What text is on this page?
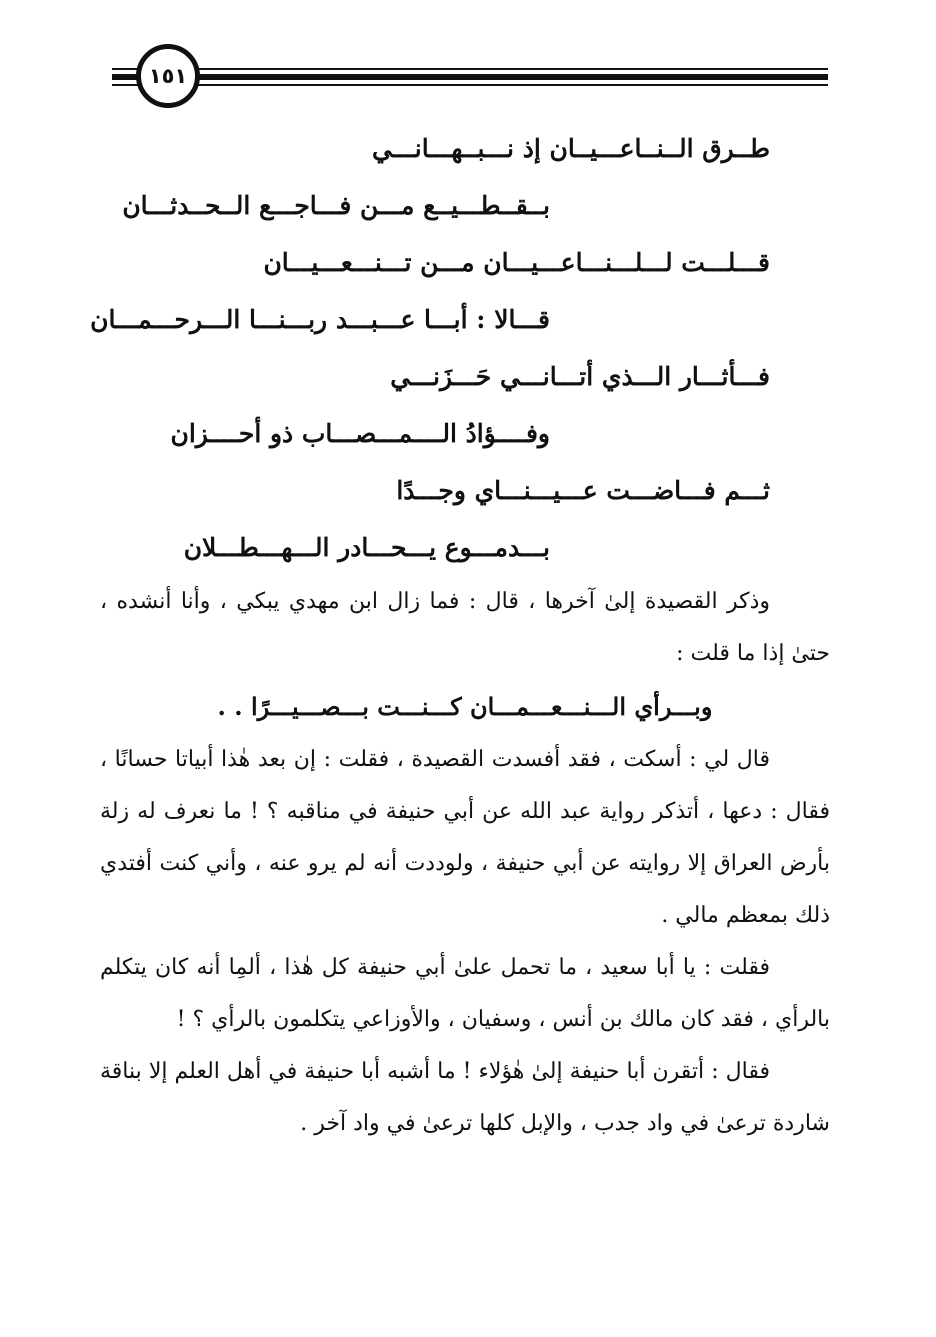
١٥١
طــرق الــنــاعـــيــان إذ نـــبــهـــانـــي
بــقــطـــيــع مـــن فـــاجـــع الــحــدثـــان
قـــلـــت لـــلـــنـــاعـــيـــان مـــن تـــنـــعـــيـــان
قـــالا : أبـــا عـــبـــد ربـــنـــا الـــرحـــمـــان
فـــأثـــار الـــذي أتـــانـــي حَـــزَنـــي
وفــــؤادُ الــــمـــصـــاب ذو أحــــزان
ثـــم فـــاضـــت عـــيـــنـــاي وجـــدًا
بـــدمـــوع يـــحـــادر الـــهـــطـــلان

وذكر القصيدة إلىٰ آخرها ، قال : فما زال ابن مهدي يبكي ، وأنا أنشده ، حتىٰ إذا ما قلت :

وبـــرأي الـــنـــعـــمـــان كـــنـــت بـــصـــيـــرًا . .

قال لي : أسكت ، فقد أفسدت القصيدة ، فقلت : إن بعد هٰذا أبياتا حسانًا ، فقال : دعها ، أتذكر رواية عبد الله عن أبي حنيفة في مناقبه ؟ ! ما نعرف له زلة بأرض العراق إلا روايته عن أبي حنيفة ، ولوددت أنه لم يرو عنه ، وأني كنت أفتدي ذلك بمعظم مالي .

فقلت : يا أبا سعيد ، ما تحمل علىٰ أبي حنيفة كل هٰذا ، ألمِا أنه كان يتكلم بالرأي ، فقد كان مالك بن أنس ، وسفيان ، والأوزاعي يتكلمون بالرأي ؟ !

فقال : أتقرن أبا حنيفة إلىٰ هٰؤلاء ! ما أشبه أبا حنيفة في أهل العلم إلا بناقة شاردة ترعىٰ في واد جدب ، والإبل كلها ترعىٰ في واد آخر .
